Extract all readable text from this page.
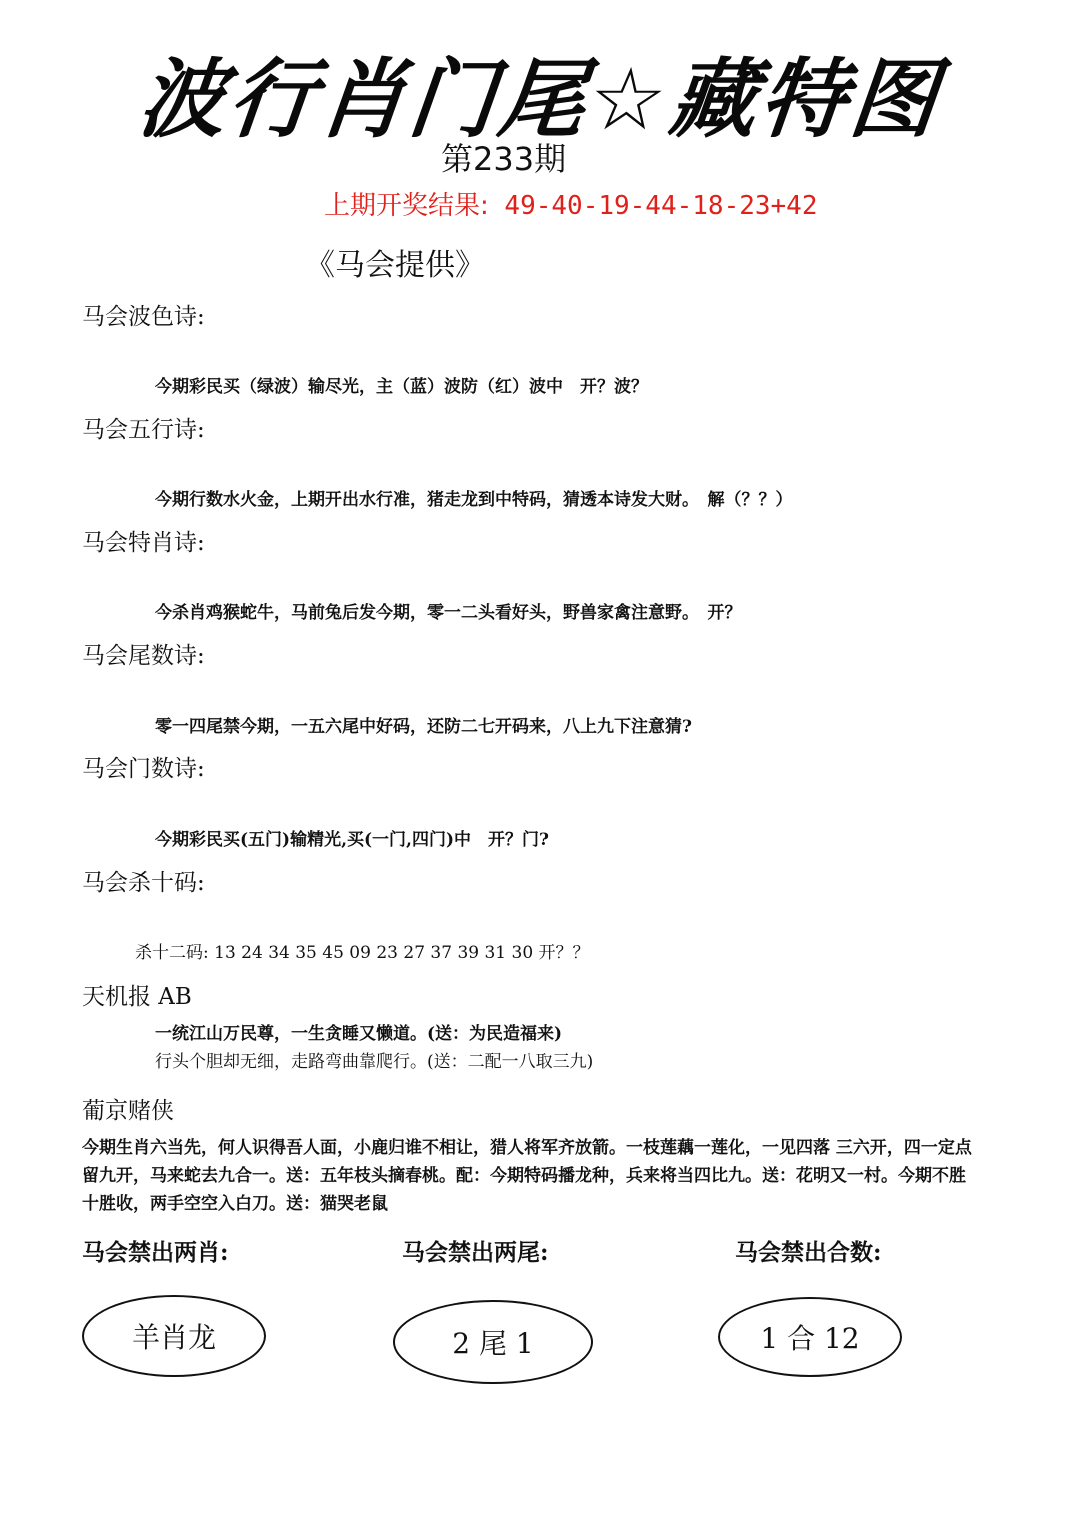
波行肖门尾☆藏特图
第233期
上期开奖结果: 49-40-19-44-18-23+42
《马会提供》
马会波色诗:
今期彩民买（绿波）输尽光，主（蓝）波防（红）波中　开？波？
马会五行诗:
今期行数水火金，上期开出水行准，猪走龙到中特码，猜透本诗发大财。　解（？？）
马会特肖诗:
今杀肖鸡猴蛇牛，马前兔后发今期，零一二头看好头，野兽家禽注意野。　开？
马会尾数诗:
零一四尾禁今期，一五六尾中好码，还防二七开码来，八上九下注意猜?
马会门数诗:
今期彩民买(五门)输精光,买(一门,四门)中　开？门?
马会杀十码:
杀十二码: 13 24 34 35 45 09 23 27 37 39 31 30 开？？
天机报 AB
一统江山万民尊，一生贪睡又懒道。(送：为民造福来)
行头个胆却无细，走路弯曲靠爬行。(送：二配一八取三九)
葡京赌侠
今期生肖六当先，何人识得吾人面，小鹿归谁不相让，猎人将军齐放箭。一枝莲藕一莲化，一见四落 三六开，四一定点留九开，马来蛇去九合一。送：五年枝头摘春桃。配：今期特码播龙种，兵来将当四比九。送：花明又一村。今期不胜十胜收，两手空空入白刀。送：猫哭老鼠
马会禁出两肖:	马会禁出两尾:	马会禁出合数:
羊肖龙	2 尾 1	1 合 12
